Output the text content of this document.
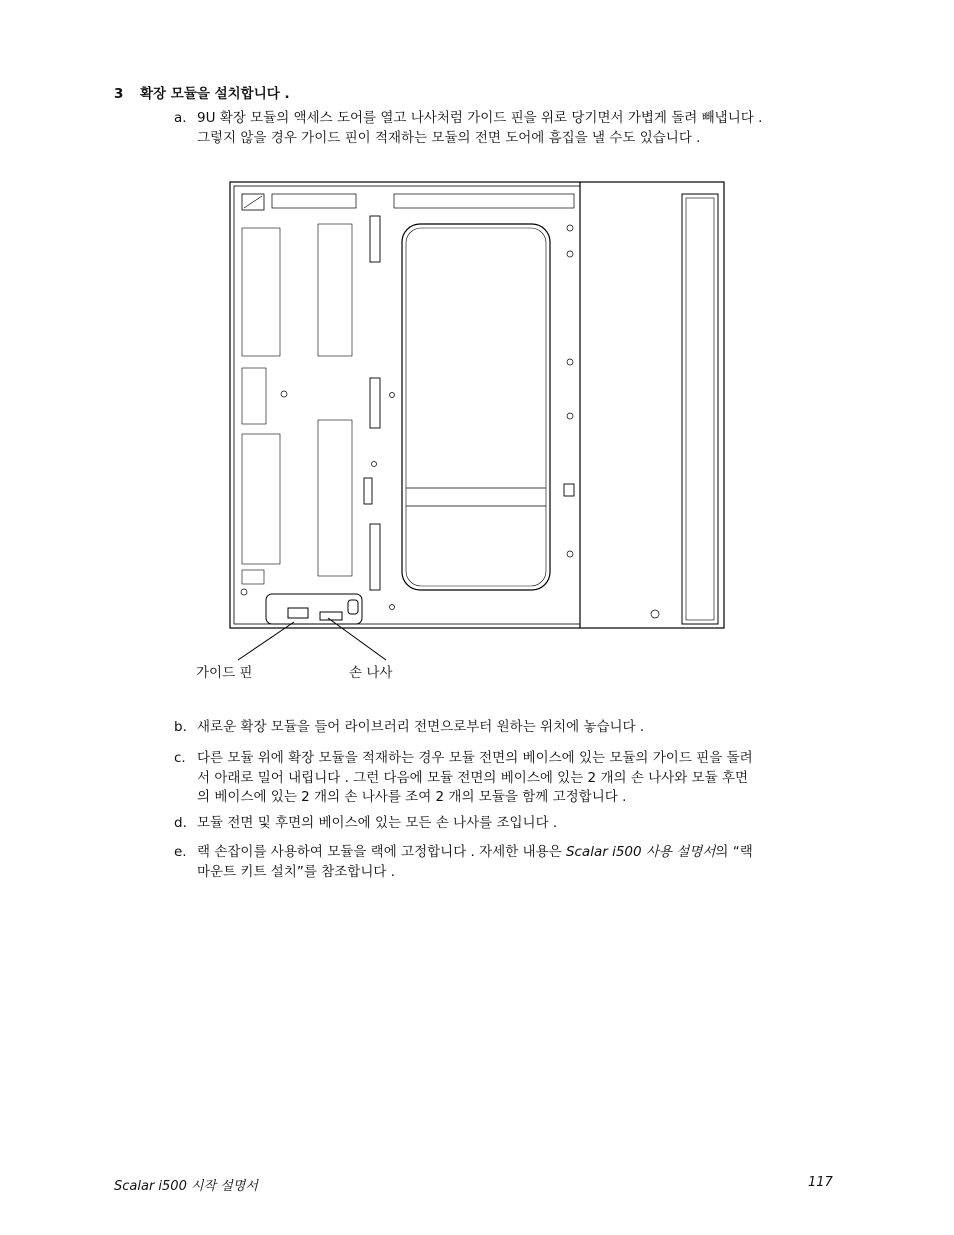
3 확장 모듈을 설치합니다 .
a. 9U 확장 모듈의 액세스 도어를 열고 나사처럼 가이드 핀을 위로 당기면서 가볍게 돌려 빼냅니다 .
그렇지 않을 경우 가이드 핀이 적재하는 모듈의 전면 도어에 흠집을 낼 수도 있습니다 .
가이드 핀	손 나사
b. 새로운 확장 모듈을 들어 라이브러리 전면으로부터 원하는 위치에 놓습니다 .
c. 다른 모듈 위에 확장 모듈을 적재하는 경우 모듈 전면의 베이스에 있는 모듈의 가이드 핀을 돌려
서 아래로 밀어 내립니다 . 그런 다음에 모듈 전면의 베이스에 있는 2 개의 손 나사와 모듈 후면
의 베이스에 있는 2 개의 손 나사를 조여 2 개의 모듈을 함께 고정합니다 .
d. 모듈 전면 및 후면의 베이스에 있는 모든 손 나사를 조입니다 .
e. 랙 손잡이를 사용하여 모듈을 랙에 고정합니다 . 자세한 내용은 Scalar i500 사용 설명서의 “랙
마운트 키트 설치”를 참조합니다 .
Scalar i500 시작 설명서	117
